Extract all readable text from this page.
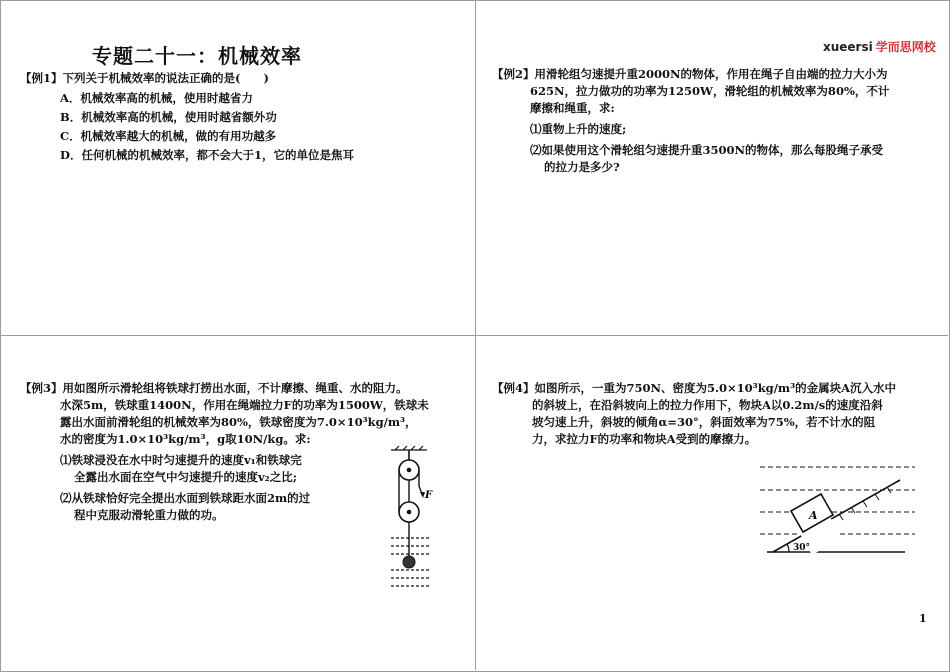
专题二十一：机械效率
【例1】下列关于机械效率的说法正确的是(　　)
A．机械效率高的机械，使用时越省力
B．机械效率高的机械，使用时越省额外功
C．机械效率越大的机械，做的有用功越多
D．任何机械的机械效率，都不会大于1，它的单位是焦耳
xueersi 学而思网校
【例2】用滑轮组匀速提升重2000N的物体，作用在绳子自由端的拉力大小为
625N，拉力做功的功率为1250W，滑轮组的机械效率为80%，不计
摩擦和绳重，求:
⑴重物上升的速度;
⑵如果使用这个滑轮组匀速提升重3500N的物体，那么每股绳子承受
的拉力是多少?
【例3】用如图所示滑轮组将铁球打捞出水面，不计摩擦、绳重、水的阻力。
水深5m，铁球重1400N，作用在绳端拉力F的功率为1500W，铁球未
露出水面前滑轮组的机械效率为80%，铁球密度为7.0×10³kg/m³，
水的密度为1.0×10³kg/m³，g取10N/kg。求:
⑴铁球浸没在水中时匀速提升的速度v₁和铁球完
全露出水面在空气中匀速提升的速度v₂之比;
⑵从铁球恰好完全提出水面到铁球距水面2m的过
程中克服动滑轮重力做的功。
F
【例4】如图所示，一重为750N、密度为5.0×10³kg/m³的金属块A沉入水中
的斜坡上，在沿斜坡向上的拉力作用下，物块A以0.2m/s的速度沿斜
坡匀速上升，斜坡的倾角α=30°，斜面效率为75%，若不计水的阻
力，求拉力F的功率和物块A受到的摩擦力。
A
30°
1
